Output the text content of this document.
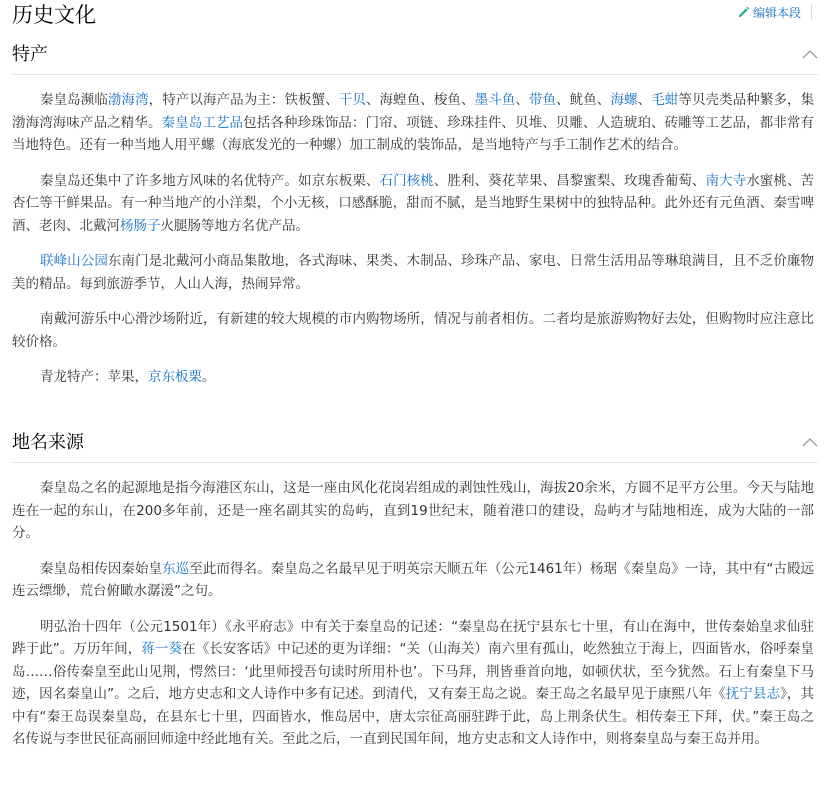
历史文化	编辑本段
特产

秦皇岛濒临渤海湾，特产以海产品为主：铁板蟹、干贝、海蝗鱼、梭鱼、墨斗鱼、带鱼、鱿鱼、海螺、毛蚶等贝壳类品种繁多，集渤海湾海味产品之精华。秦皇岛工艺品包括各种珍珠饰品：门帘、项链、珍珠挂件、贝堆、贝雕、人造琥珀、砖雕等工艺品，都非常有当地特色。还有一种当地人用平螺（海底发光的一种螺）加工制成的装饰品，是当地特产与手工制作艺术的结合。

秦皇岛还集中了许多地方风味的名优特产。如京东板栗、石门核桃、胜利、葵花苹果、昌黎蜜梨、玫瑰香葡萄、南大寺水蜜桃、苦杏仁等干鲜果品。有一种当地产的小洋梨，个小无核，口感酥脆，甜而不腻，是当地野生果树中的独特品种。此外还有元鱼酒、秦雪啤酒、老肉、北戴河杨肠子火腿肠等地方名优产品。

联峰山公园东南门是北戴河小商品集散地，各式海味、果类、木制品、珍珠产品、家电、日常生活用品等琳琅满目，且不乏价廉物美的精品。每到旅游季节，人山人海，热闹异常。

南戴河游乐中心滑沙场附近，有新建的较大规模的市内购物场所，情况与前者相仿。二者均是旅游购物好去处，但购物时应注意比较价格。

青龙特产：苹果，京东板栗。

地名来源

秦皇岛之名的起源地是指今海港区东山，这是一座由风化花岗岩组成的剥蚀性残山，海拔20余米，方圆不足平方公里。今天与陆地连在一起的东山，在200多年前，还是一座名副其实的岛屿，直到19世纪末，随着港口的建设，岛屿才与陆地相连，成为大陆的一部分。

秦皇岛相传因秦始皇东巡至此而得名。秦皇岛之名最早见于明英宗天顺五年（公元1461年）杨琚《秦皇岛》一诗，其中有“古殿远连云缥缈，荒台俯瞰水潺湲”之句。

明弘治十四年（公元1501年）《永平府志》中有关于秦皇岛的记述：“秦皇岛在抚宁县东七十里，有山在海中，世传秦始皇求仙驻跸于此”。万历年间，蒋一葵在《长安客话》中记述的更为详细：“关（山海关）南六里有孤山，屹然独立于海上，四面皆水，俗呼秦皇岛……俗传秦皇至此山见荆，愕然曰：‘此里师授吾句读时所用朴也’。下马拜，荆皆垂首向地，如顿伏状，至今犹然。石上有秦皇下马迹，因名秦皇山”。之后，地方史志和文人诗作中多有记述。到清代，又有秦王岛之说。秦王岛之名最早见于康熙八年《抚宁县志》，其中有“秦王岛误秦皇岛，在县东七十里，四面皆水，惟岛居中，唐太宗征高丽驻跸于此，岛上荆条伏生。相传秦王下拜，伏。”秦王岛之名传说与李世民征高丽回师途中经此地有关。至此之后，一直到民国年间，地方史志和文人诗作中，则将秦皇岛与秦王岛并用。
